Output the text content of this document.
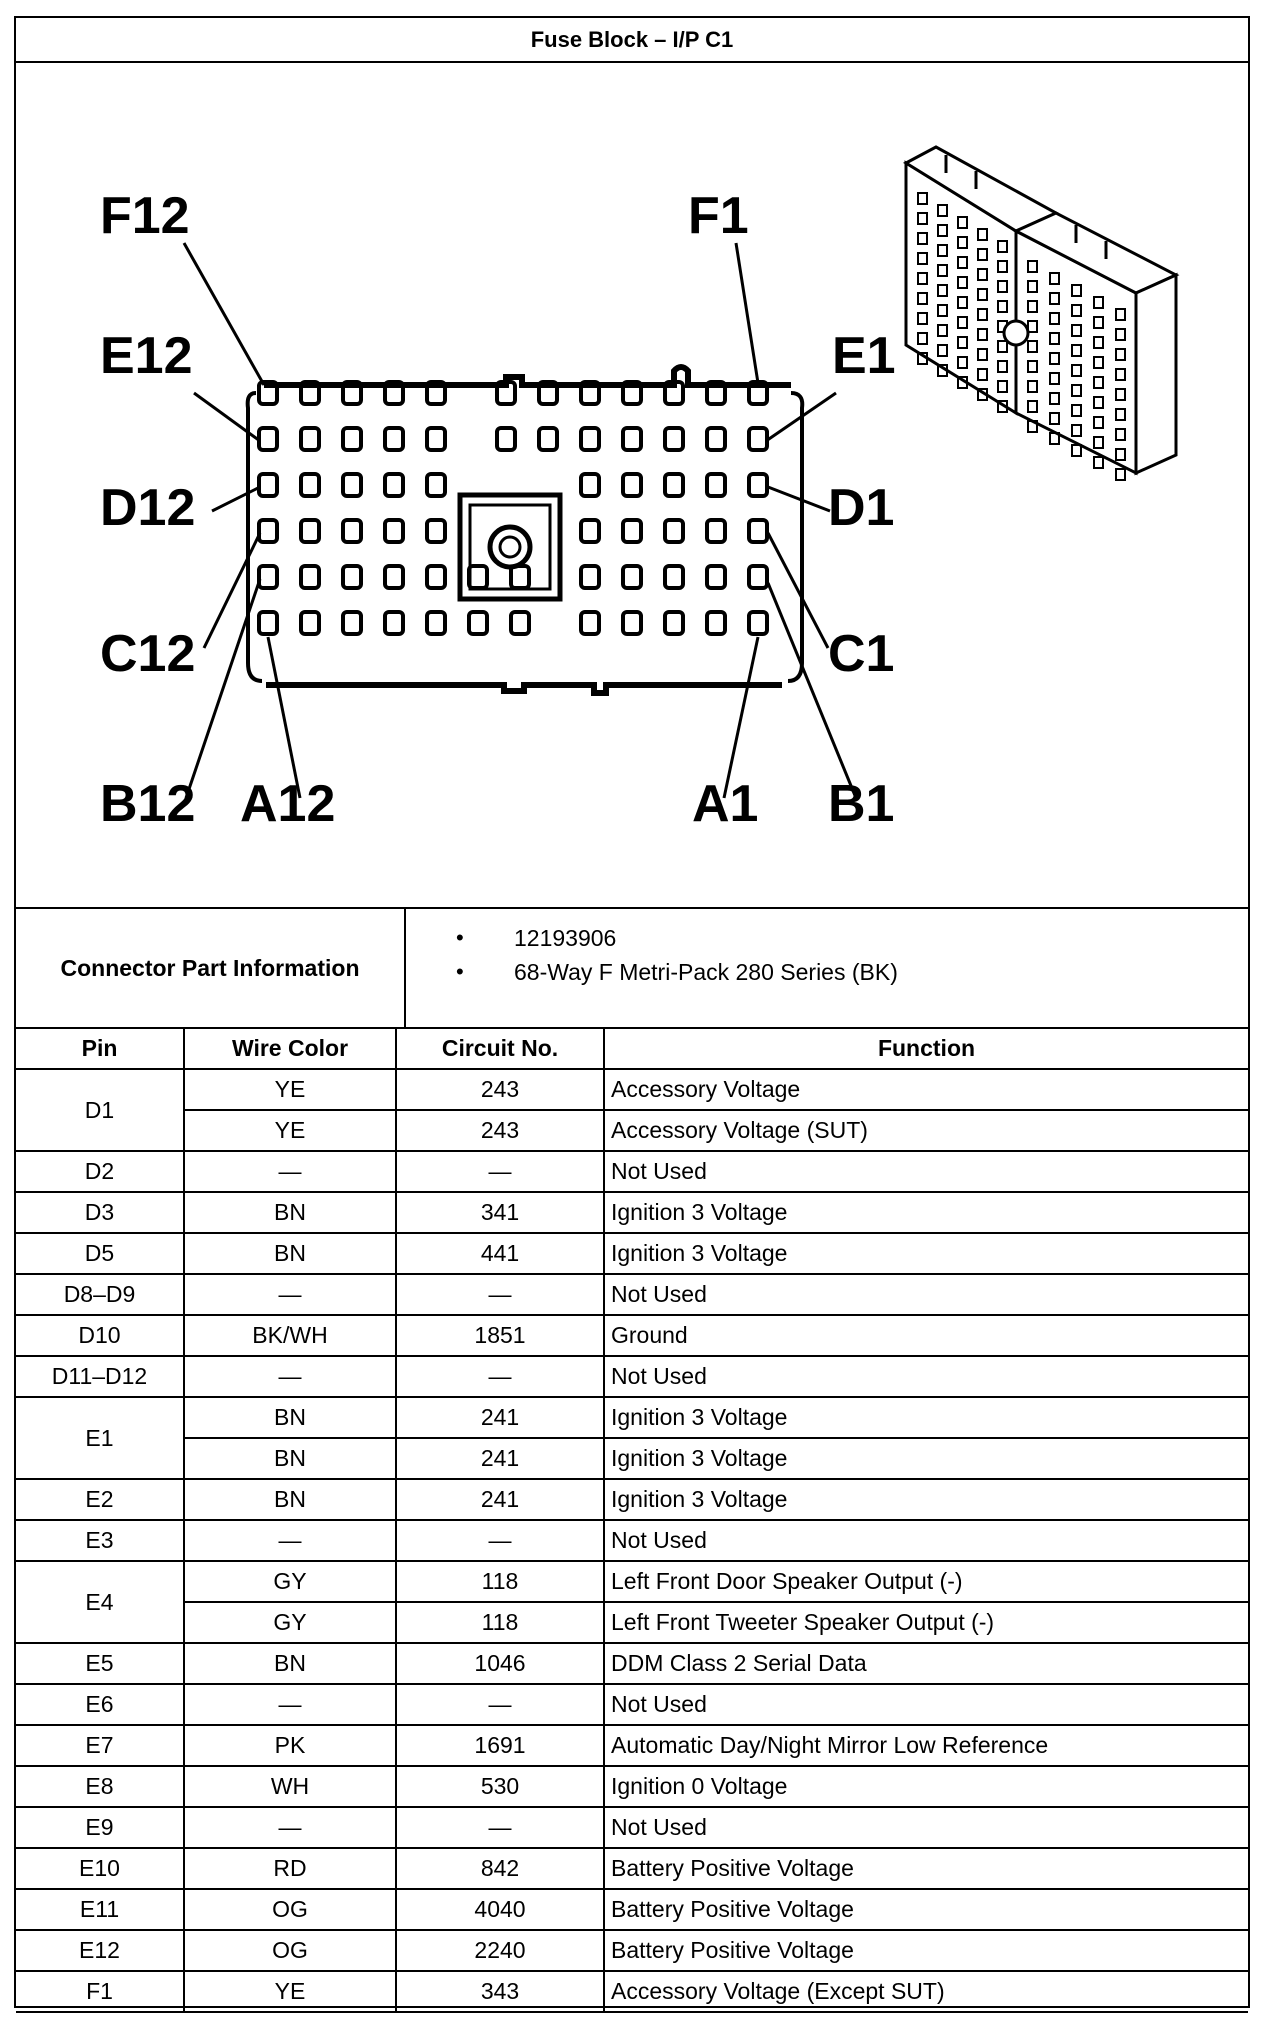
Fuse Block – I/P C1
F12	F1
E12	E1
D12	D1
C12	C1
B12 A12	A1 B1
Connector Part Information
• 12193906
• 68-Way F Metri-Pack 280 Series (BK)
Pin	Wire Color	Circuit No.	Function
D1	YE	243	Accessory Voltage
	YE	243	Accessory Voltage (SUT)
D2	—	—	Not Used
D3	BN	341	Ignition 3 Voltage
D5	BN	441	Ignition 3 Voltage
D8–D9	—	—	Not Used
D10	BK/WH	1851	Ground
D11–D12	—	—	Not Used
E1	BN	241	Ignition 3 Voltage
	BN	241	Ignition 3 Voltage
E2	BN	241	Ignition 3 Voltage
E3	—	—	Not Used
E4	GY	118	Left Front Door Speaker Output (-)
	GY	118	Left Front Tweeter Speaker Output (-)
E5	BN	1046	DDM Class 2 Serial Data
E6	—	—	Not Used
E7	PK	1691	Automatic Day/Night Mirror Low Reference
E8	WH	530	Ignition 0 Voltage
E9	—	—	Not Used
E10	RD	842	Battery Positive Voltage
E11	OG	4040	Battery Positive Voltage
E12	OG	2240	Battery Positive Voltage
F1	YE	343	Accessory Voltage (Except SUT)
